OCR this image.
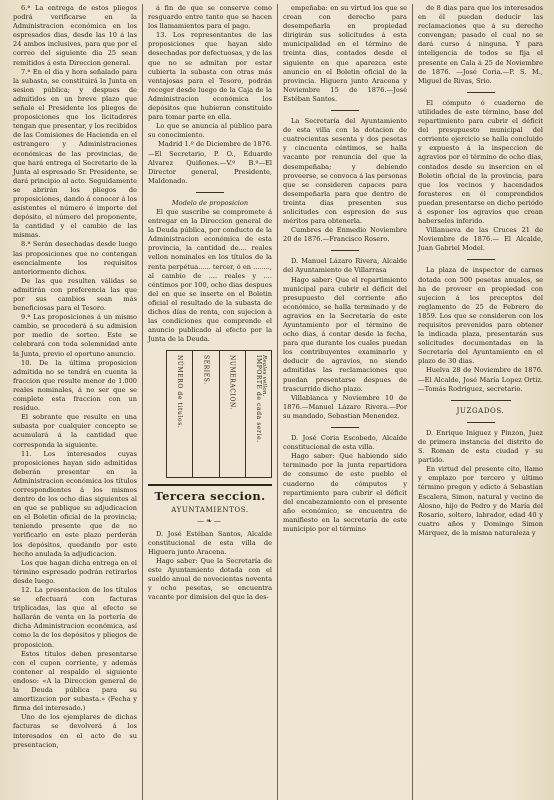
6.ª La entrega de estos pliegos podrá verificarse en la Administracion económica en los espresados dias, desde las 10 á las 24 ambos inclusives, para que por el correo del siguiente dia 25 sean remitidos á esta Direccion general.

7.ª En el dia y hora señalado para la subasta, se constituirá la Junta en sesion pública; y despues de admitidos en un breve plazo que señale el Presidente los pliegos de proposiciones que los licitadores tengan que presentar, y los recibidos de las Comisiones de Hacienda en el estrangero y Administraciones económicas de las provincias, de que hará entrega el Secretario de la Junta al espresado Sr. Presidente, se dará principio al acto. Seguidamente se abrirán los pliegos de proposiciones, dando á conocer á los asistentes el número é importe del depósito, el número del proponente, la cantidad y el cambio de las mismas.

8.ª Serán desechadas desde luego las proposiciones que no contengan esencialmente los requisitos anteriormente dichos.

De las que resulten válidas se admitirán con preferencia las que por sus cambios sean más beneficiosas para el Tesoro.

9.ª Las proposiciones á un mismo cambio, se procederá á su admision por medio de sorteo. Este se celebrará con toda solemnidad ante la Junta, previo el oportuno anuncio.

10. De la última proposicion admitida no se tendrá en cuenta la fraccion que resulte menor de 1.000 reales nominales, á no ser que se complete esta fraccion con un residuo.

El sobrante que resulte en una subasta por cualquier concepto se acumulará á la cantidad que corresponda la siguiente.

11. Los interesados cuyas proposiciones hayan sido admitidas deberán presentar en la Administracion económica los títulos correspondientes á los mismos dentro de los ocho dias siguientes al en que se publique su adjudicacion en el Boletin oficial de la provincia; teniendo presente que de no verificarlo en este plazo perderán los depósitos, quedando por este hecho anulada la adjudicacion.

Los que hagan dicha entrega en el término espresado podrán retirarlos desde luego.

12. La presentacion de los títulos se efectuará con facturas triplicadas, las que al efecto se hallarán de venta en la portería de dicha Administracion económica, así como la de los depósitos y pliegos de proposicion.

Estos títulos deben presentarse con el cupon corriente, y además contener al respaldo el siguiente endoso: «A la Direccion general de la Deuda pública para su amortizacion por subasta.» (Fecha y firma del interesado.)

Uno de los ejemplares de dichas facturas se devolverá á los interesados en el acto de su presentacion,

á fin de que se conserve como resguardo entre tanto que se hacen los llamamientos para el pago.

13. Los representantes de las proposiciones que hayan sido desechadas por defectuosas, y de las que no se admitan por estar cubierta la subasta con otras más ventajosas para el Tesoro, podrán recoger desde luego de la Caja de la Administracion económica los depósitos que hubieran constituido para tomar parte en ella.

Lo que se anuncia al público para su conocimiento.

Madrid 1.º de Diciembre de 1876.—El Secretario, P. O., Eduardo Alvarez Quiñones.—V.º B.º—El Director general, Presidente, Maldonado.

Modelo de proposicion

El que suscribe se compromete á entregar en la Direccion general de la Deuda pública, por conducto de la Administracion económica de esta provincia, la cantidad de.... reales vellon nominales en los títulos de la renta perpétua...... tercer, ó en ........, al cambio de .... reales y .... céntimos por 100, ocho dias despues del en que se inserte en el Boletin oficial el resultado de la subasta de dichos días de renta, con sujecion á las condiciones que comprende el anuncio publicado al efecto por la Junta de la Deuda.

NÚMERO de titulos.	SERIES.	NUMERACION.	IMPORTE de cada serie. Reales vellon.
Tercera seccion.
AYUNTAMIENTOS.
—❧—

D. José Estéban Santos, Alcalde constitucional de esta villa de Higuera junto Aracena.

Hago saber: Que la Secretaría de este Ayuntamiento dotada con el sueldo anual de novecientas noventa y ocho pesetas, se encuentra vacante por dimision del que la des-

empeñaba: en su virtud los que se crean con derecho para desempeñarla en propiedad dirigirán sus solicitudes á esta municipalidad en el término de treinta dias, contados desde el siguiente en que aparezca este anuncio en el Boletin oficial de la provincia. Higuera junto Aracena y Noviembre 15 de 1876.—José Estéban Santos.

La Secretaría del Ayuntamiento de esta villa con la dotacion de cuatrocientas sesenta y dos pesetas y cincuenta céntimos, se halla vacante por renuncia del que la desempeñaba; y debiendo proveerse, se convoca á las personas que se consideren capaces para desempeñarla para que dentro de treinta dias presenten sus solicitudes con espresion de sus méritos para obtenerla.

Cumbres de Enmedio Noviembre 20 de 1876.—Francisco Rosero.

D. Manuel Lázaro Rivera, Alcalde del Ayuntamiento de Villarrasa

Hago saber: Que el repartimiento municipal para cubrir el déficit del presupuesto del corriente año económico, se halla terminado y de agravios en la Secretaría de este Ayuntamiento por el término de ocho dias, á contar desde la fecha, para que durante los cuales puedan los contribuyentes examinarlo y deducir de agravios, no siendo admitidas las reclamaciones que puedan presentarse despues de trascurrido dicho plazo.

Villablanca y Noviembre 10 de 1876.—Manuel Lázaro Rivera.—Por su mandado, Sebastian Menendez.

D. José Coria Escobedo, Alcalde constitucional de esta villa.

Hago saber: Que habiendo sido terminado por la junta repartidora de consumo de este pueblo el cuaderno de cómputos y repartimiento para cubrir el déficit del encabezamiento con el presente año económico, se encuentra de manifiesto en la secretaría de este municipio por el término

de 8 dias para que los interesados en él puedan deducir las reclamaciones que á su derecho convengan; pasado el cual no se dará curso á ninguna. Y para inteligencia de todos se fija el presente en Cala á 25 de Noviembre de 1876. —José Coria.—P. S. M., Miguel de Rivas, Srio.

El cómputo ó cuaderno de utilidades de este término, base del repartimiento para cubrir el déficit del presupuesto municipal del corriente ejercicio se halla concluido y expuesto á la inspeccion de agravios por el término de ocho dias, contados desde su insercion en el Boletin oficial de la provincia, para que los vecinos y hacendados forasteros en él comprendidos puedan presentarse en dicho periódo á esponer los agravios que crean haberseles inferido.

Villanueva de las Cruces 21 de Noviembre de 1876.— El Alcalde, Juan Gabriel Model.

La plaza de inspector de carnes dotada con 500 pesetas anuales, se ha de proveer en propiedad con sujecion á los preceptos del reglamento de 25 de Febrero de 1859. Los que se consideren con los requisitos prevenidos para obtener la indicada plaza, presentarán sus solicitudes documentadas en la Secretaría del Ayuntamiento en el plazo de 30 dias.

Huelva 28 de Noviembre de 1876.—El Alcalde, José María Lopez Ortiz.—Tomás Rodriguez, secretario.

JUZGADOS.

D. Enrique Iniguez y Pinzon, Juez de primera instancia del distrito de S. Roman de esta ciudad y su partido.

En virtud del presente cito, llamo y emplazo por tercero y último término pregon y edicto á Sebastian Escalera, Simon, natural y vecino de Alosno, hijo de Pedro y de María del Rosario, soltero, labrador, edad 40 y cuatro años y Domingo Simon Márquez, de la misma naturaleza y
